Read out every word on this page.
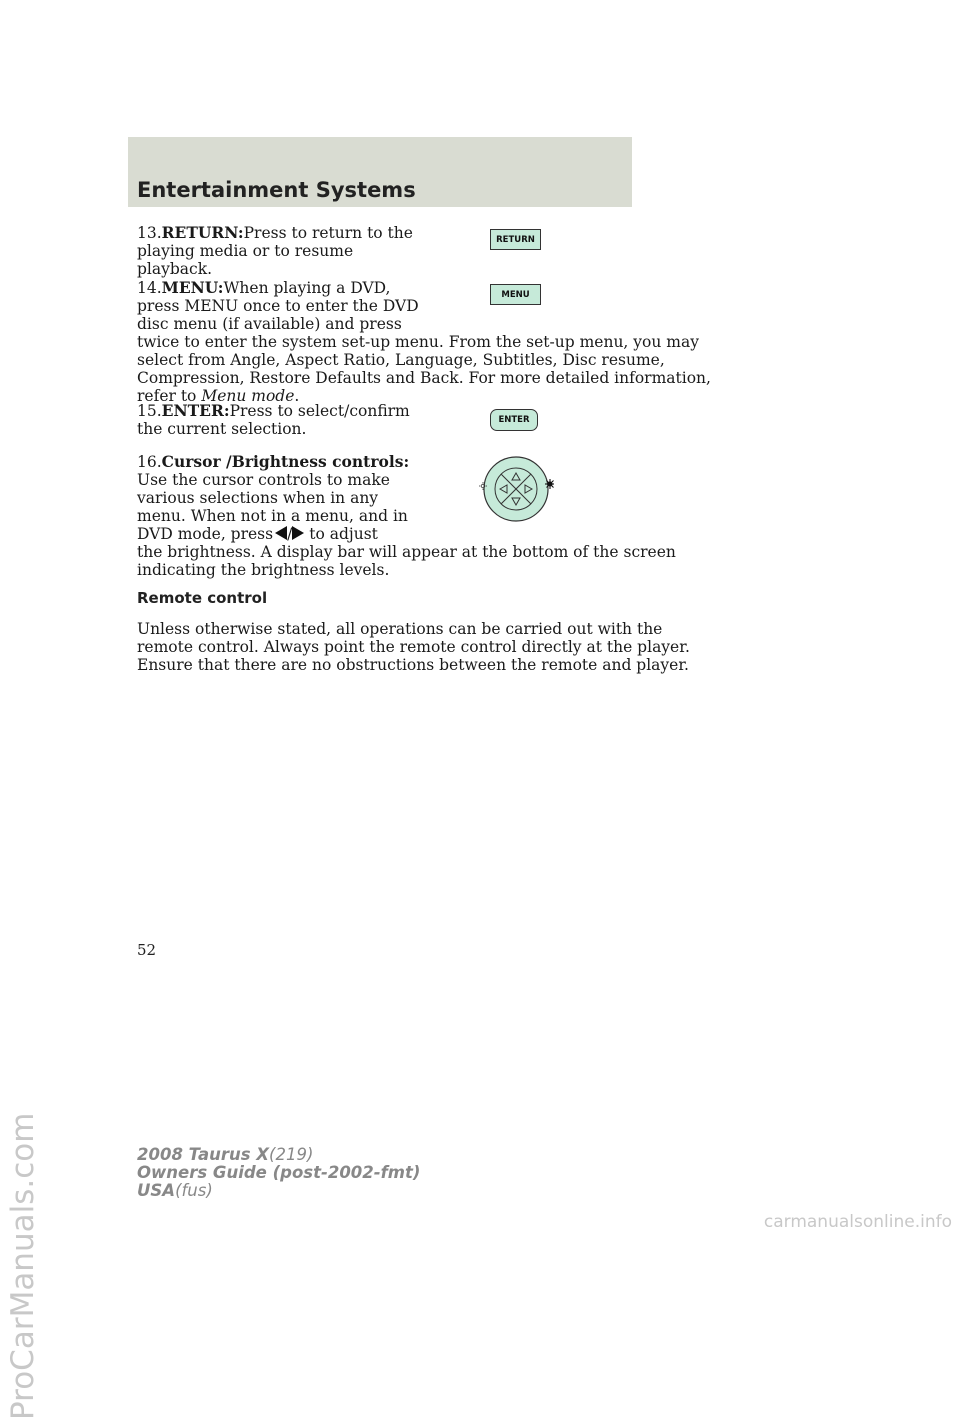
Entertainment Systems

13.RETURN:Press to return to the
playing media or to resume
playback.

RETURN

14.MENU:When playing a DVD,
press MENU once to enter the DVD
disc menu (if available) and press
twice to enter the system set-up menu. From the set-up menu, you may
select from Angle, Aspect Ratio, Language, Subtitles, Disc resume,
Compression, Restore Defaults and Back. For more detailed information,
refer to Menu mode.

MENU

15.ENTER:Press to select/confirm
the current selection.	ENTER

16.Cursor /Brightness controls:
Use the cursor controls to make
various selections when in any
menu. When not in a menu, and in
DVD mode, press / to adjust
the brightness. A display bar will appear at the bottom of the screen
indicating the brightness levels.

Remote control

Unless otherwise stated, all operations can be carried out with the
remote control. Always point the remote control directly at the player.
Ensure that there are no obstructions between the remote and player.

52
2008 Taurus X(219)
Owners Guide (post-2002-fmt)
USA(fus)
ProCarManuals.com	carmanualsonline.info
